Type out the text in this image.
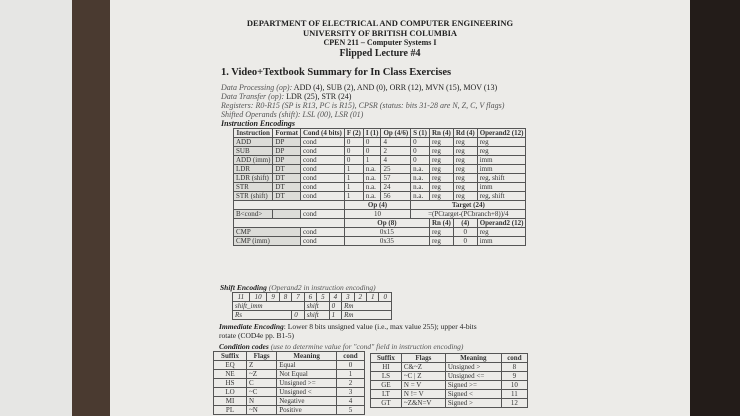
DEPARTMENT OF ELECTRICAL AND COMPUTER ENGINEERING
UNIVERSITY OF BRITISH COLUMBIA
CPEN 211 – Computer Systems I
Flipped Lecture #4
1. Video+Textbook Summary for In Class Exercises
Data Processing (op): ADD (4), SUB (2), AND (0), ORR (12), MVN (15), MOV (13)
Data Transfer (op): LDR (25), STR (24)
Registers: R0-R15 (SP is R13, PC is R15), CPSR (status: bits 31-28 are N, Z, C, V flags)
Shifted Operands (shift): LSL (00), LSR (01)
Instruction Encodings
Instruction	Format	Cond (4 bits)	F (2)	I (1)	Op (4/6)	S (1)	Rn (4)	Rd (4)	Operand2 (12)
ADD	DP	cond	0	0	4	0	reg	reg	reg
SUB	DP	cond	0	0	2	0	reg	reg	reg
ADD (imm)	DP	cond	0	1	4	0	reg	reg	imm
LDR	DT	cond	1	n.a.	25	n.a.	reg	reg	imm
LDR (shift)	DT	cond	1	n.a.	57	n.a.	reg	reg	reg, shift
STR	DT	cond	1	n.a.	24	n.a.	reg	reg	imm
STR (shift)	DT	cond	1	n.a.	56	n.a.	reg	reg	reg, shift
			Op (4)			Target (24)			
B<cond>		cond	10			=(PCtarget-(PCbranch+8))/4			
			Op (8)				Rn (4)	(4)	Operand2 (12)
CMP		cond	0x15				reg	0	reg
CMP (imm)		cond	0x35				reg	0	imm
Shift Encoding (Operand2 in instruction encoding)
11	10	9	8	7	6	5	4	3	2	1	0
shift_imm					shift		0	Rm			
Rs				0	shift		1	Rm			
Immediate Encoding: Lower 8 bits unsigned value (i.e., max value 255); upper 4-bits
rotate (COD4e pp. B1-5)
Condition codes (use to determine value for "cond" field in instruction encoding)
Suffix	Flags	Meaning	cond
EQ	Z	Equal	0
NE	~Z	Not Equal	1
HS	C	Unsigned >=	2
LO	~C	Unsigned <	3
MI	N	Negative	4
PL	~N	Positive	5
Suffix	Flags	Meaning	cond
HI	C&~Z	Unsigned >	8
LS	~C | Z	Unsigned <=	9
GE	N = V	Signed >=	10
LT	N != V	Signed <	11
GT	~Z&N=V	Signed >	12
